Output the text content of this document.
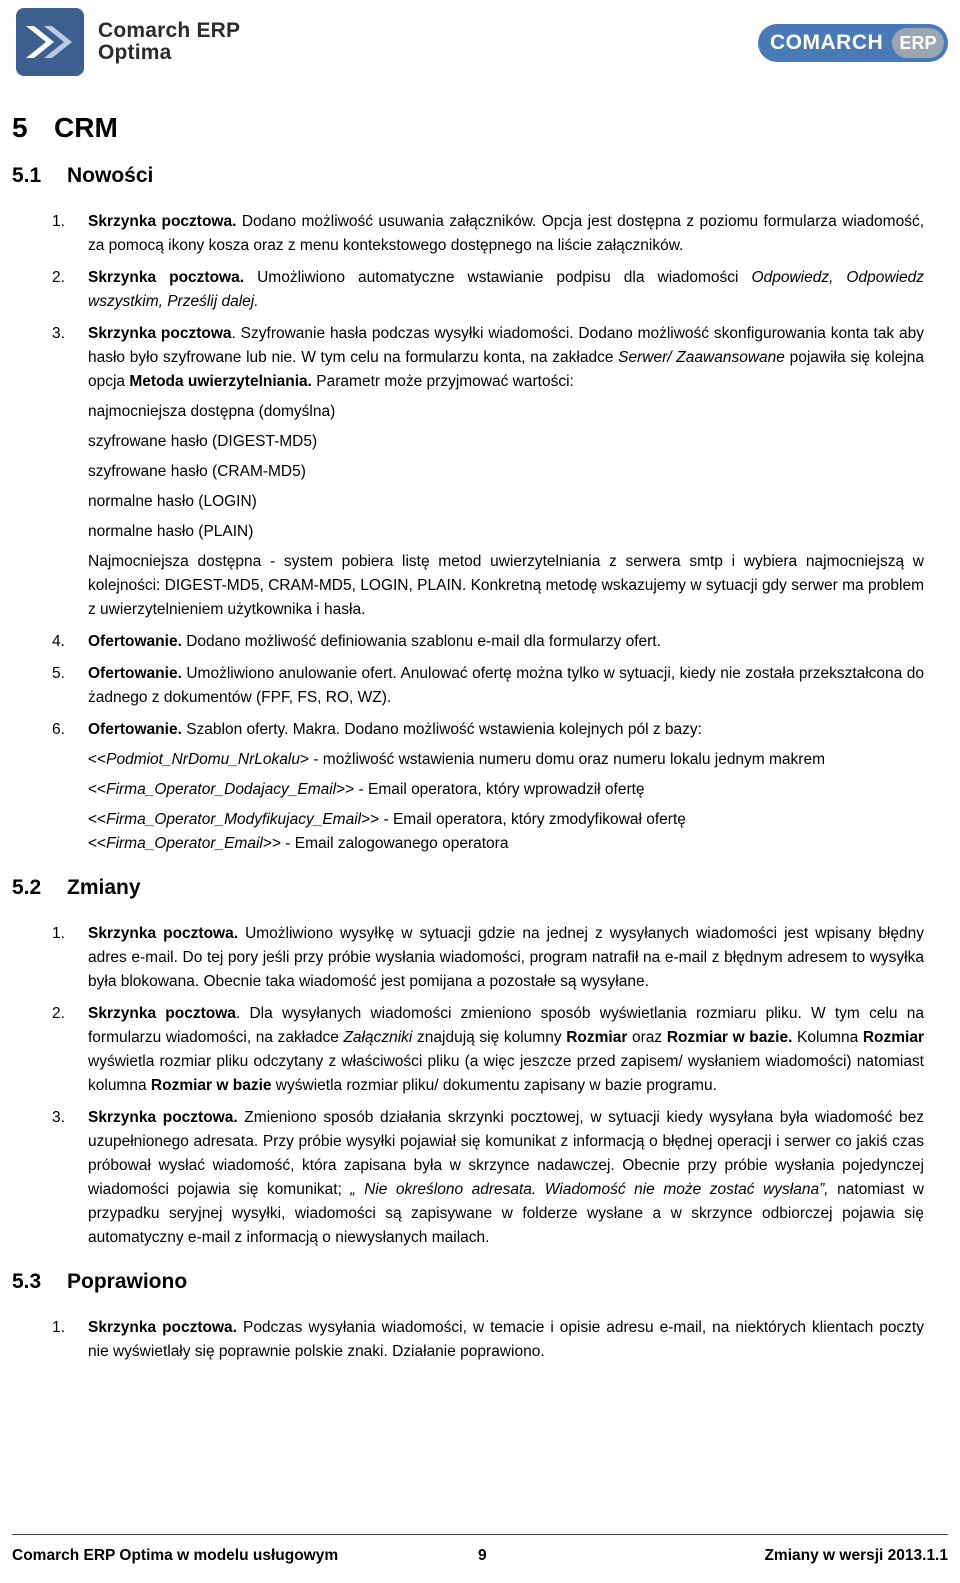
Comarch ERP
Optima	COMARCH ERP
5 CRM
5.1	Nowości
1. Skrzynka pocztowa. Dodano możliwość usuwania załączników. Opcja jest dostępna z poziomu formularza wiadomość, za pomocą ikony kosza oraz z menu kontekstowego dostępnego na liście załączników.
2. Skrzynka pocztowa. Umożliwiono automatyczne wstawianie podpisu dla wiadomości Odpowiedz, Odpowiedz wszystkim, Prześlij dalej.
3. Skrzynka pocztowa. Szyfrowanie hasła podczas wysyłki wiadomości. Dodano możliwość skonfigurowania konta tak aby hasło było szyfrowane lub nie. W tym celu na formularzu konta, na zakładce Serwer/ Zaawansowane pojawiła się kolejna opcja Metoda uwierzytelniania. Parametr może przyjmować wartości:
najmocniejsza dostępna (domyślna)
szyfrowane hasło (DIGEST-MD5)
szyfrowane hasło (CRAM-MD5)
normalne hasło (LOGIN)
normalne hasło (PLAIN)
Najmocniejsza dostępna - system pobiera listę metod uwierzytelniania z serwera smtp i wybiera najmocniejszą w kolejności: DIGEST-MD5, CRAM-MD5, LOGIN, PLAIN. Konkretną metodę wskazujemy w sytuacji gdy serwer ma problem z uwierzytelnieniem użytkownika i hasła.
4. Ofertowanie. Dodano możliwość definiowania szablonu e-mail dla formularzy ofert.
5. Ofertowanie. Umożliwiono anulowanie ofert. Anulować ofertę można tylko w sytuacji, kiedy nie została przekształcona do żadnego z dokumentów (FPF, FS, RO, WZ).
6. Ofertowanie. Szablon oferty. Makra. Dodano możliwość wstawienia kolejnych pól z bazy:
<<Podmiot_NrDomu_NrLokalu> - możliwość wstawienia numeru domu oraz numeru lokalu jednym makrem
<<Firma_Operator_Dodajacy_Email>> - Email operatora, który wprowadził ofertę
<<Firma_Operator_Modyfikujacy_Email>> - Email operatora, który zmodyfikował ofertę
<<Firma_Operator_Email>> - Email zalogowanego operatora
5.2	Zmiany
1. Skrzynka pocztowa. Umożliwiono wysyłkę w sytuacji gdzie na jednej z wysyłanych wiadomości jest wpisany błędny adres e-mail. Do tej pory jeśli przy próbie wysłania wiadomości, program natrafił na e-mail z błędnym adresem to wysyłka była blokowana. Obecnie taka wiadomość jest pomijana a pozostałe są wysyłane.
2. Skrzynka pocztowa. Dla wysyłanych wiadomości zmieniono sposób wyświetlania rozmiaru pliku. W tym celu na formularzu wiadomości, na zakładce Załączniki znajdują się kolumny Rozmiar oraz Rozmiar w bazie. Kolumna Rozmiar wyświetla rozmiar pliku odczytany z właściwości pliku (a więc jeszcze przed zapisem/ wysłaniem wiadomości) natomiast kolumna Rozmiar w bazie wyświetla rozmiar pliku/ dokumentu zapisany w bazie programu.
3. Skrzynka pocztowa. Zmieniono sposób działania skrzynki pocztowej, w sytuacji kiedy wysyłana była wiadomość bez uzupełnionego adresata. Przy próbie wysyłki pojawiał się komunikat z informacją o błędnej operacji i serwer co jakiś czas próbował wysłać wiadomość, która zapisana była w skrzynce nadawczej. Obecnie przy próbie wysłania pojedynczej wiadomości pojawia się komunikat; „ Nie określono adresata. Wiadomość nie może zostać wysłana”, natomiast w przypadku seryjnej wysyłki, wiadomości są zapisywane w folderze wysłane a w skrzynce odbiorczej pojawia się automatyczny e-mail z informacją o niewysłanych mailach.
5.3	Poprawiono
1. Skrzynka pocztowa. Podczas wysyłania wiadomości, w temacie i opisie adresu e-mail, na niektórych klientach poczty nie wyświetlały się poprawnie polskie znaki. Działanie poprawiono.
Comarch ERP Optima w modelu usługowym	9	Zmiany w wersji 2013.1.1
